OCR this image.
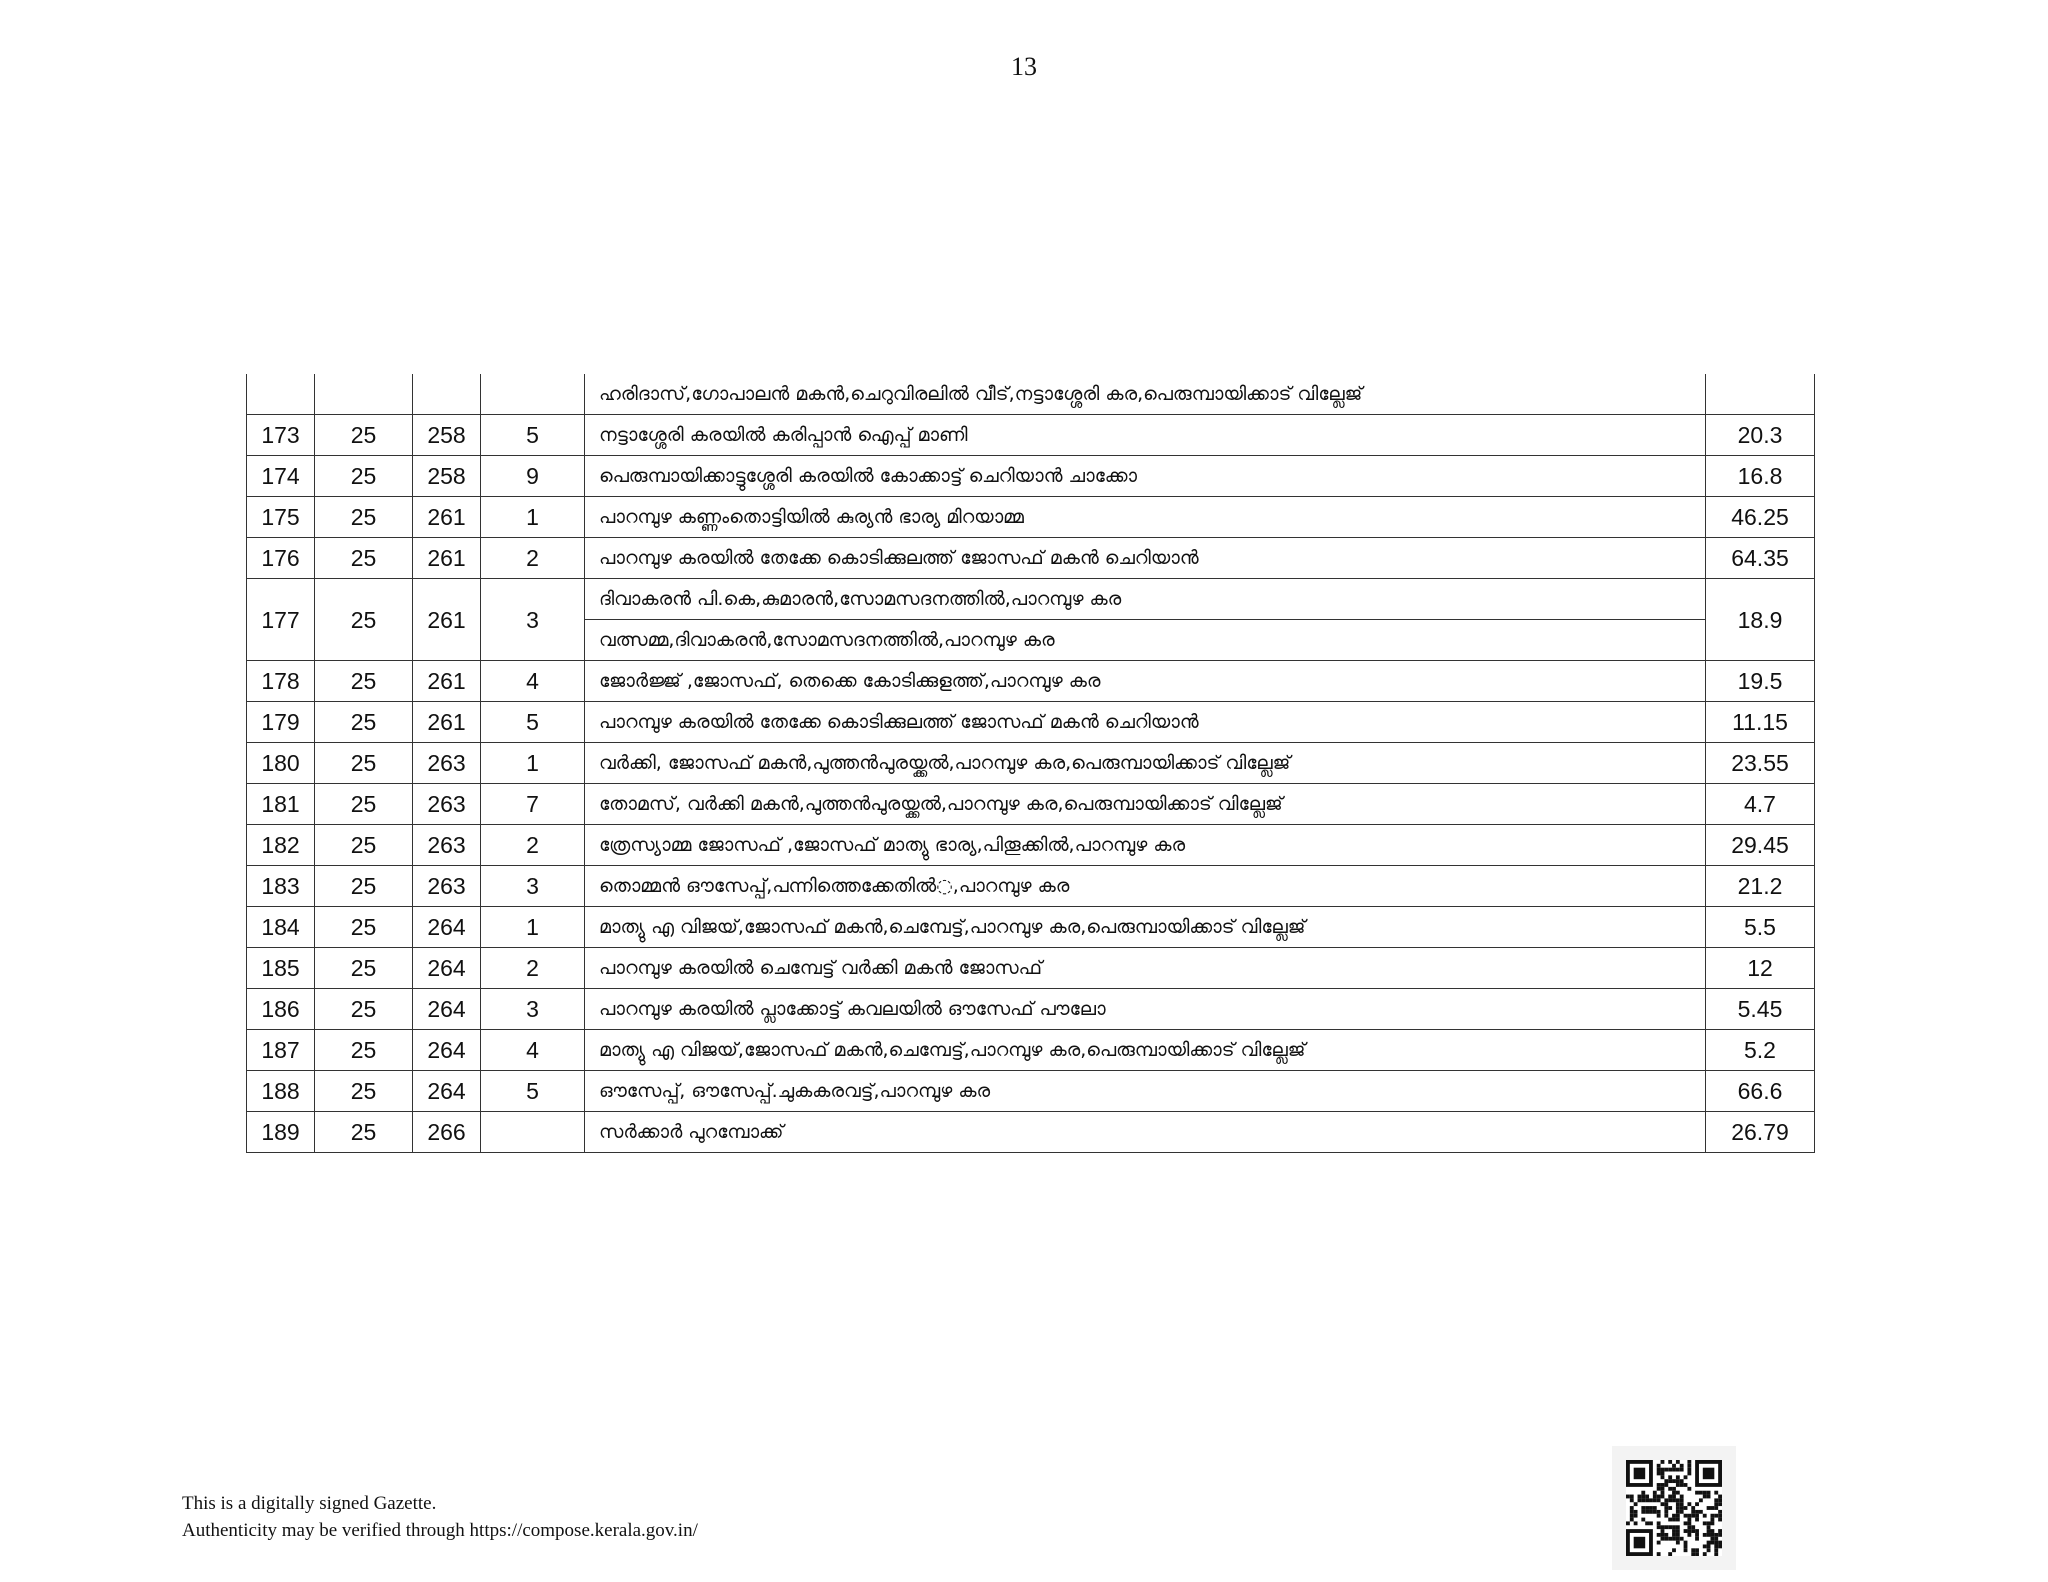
13
				ഹരിദാസ്,ഗോപാലൻ മകൻ,ചെറുവിരലിൽ വീട്,നട്ടാശ്ശേരി കര,പെരുമ്പായിക്കാട് വില്ലേജ്	
173	25	258	5	നട്ടാശ്ശേരി കരയിൽ കരിപ്പാൻ ഐപ്പ് മാണി	20.3
174	25	258	9	പെരുമ്പായിക്കാട്ടുശ്ശേരി കരയിൽ കോക്കാട്ട് ചെറിയാൻ ചാക്കോ	16.8
175	25	261	1	പാറമ്പുഴ കണ്ണംതൊട്ടിയിൽ കുര്യൻ ഭാര്യ മിറയാമ്മ	46.25
176	25	261	2	പാറമ്പുഴ കരയിൽ തേക്കേ കൊടിക്കുലത്ത് ജോസഫ് മകൻ ചെറിയാൻ	64.35
177	25	261	3	ദിവാകരൻ പി.കെ,കുമാരൻ,സോമസദനത്തിൽ,പാറമ്പുഴ കര	18.9
				വത്സമ്മ,ദിവാകരൻ,സോമസദനത്തിൽ,പാറമ്പുഴ കര	
178	25	261	4	ജോർജ്ജ് ,ജോസഫ്, തെക്കെ കോടിക്കുളത്ത്,പാറമ്പുഴ കര	19.5
179	25	261	5	പാറമ്പുഴ കരയിൽ തേക്കേ കൊടിക്കുലത്ത് ജോസഫ് മകൻ ചെറിയാൻ	11.15
180	25	263	1	വർക്കി, ജോസഫ് മകൻ,പുത്തൻപുരയ്ക്കൽ,പാറമ്പുഴ കര,പെരുമ്പായിക്കാട് വില്ലേജ്	23.55
181	25	263	7	തോമസ്, വർക്കി മകൻ,പുത്തൻപുരയ്ക്കൽ,പാറമ്പുഴ കര,പെരുമ്പായിക്കാട് വില്ലേജ്	4.7
182	25	263	2	ത്രേസ്യാമ്മ ജോസഫ് ,ജോസഫ് മാത്യു ഭാര്യ,പിതൂക്കിൽ,പാറമ്പുഴ കര	29.45
183	25	263	3	തൊമ്മൻ ഔസേപ്പ്,പന്നിത്തെക്കേതിൽ◌,പാറമ്പുഴ കര	21.2
184	25	264	1	മാത്യു എ വിജയ്,ജോസഫ് മകൻ,ചെമ്പേട്ട്,പാറമ്പുഴ കര,പെരുമ്പായിക്കാട് വില്ലേജ്	5.5
185	25	264	2	പാറമ്പുഴ കരയിൽ ചെമ്പേട്ട് വർക്കി മകൻ ജോസഫ്	12
186	25	264	3	പാറമ്പുഴ കരയിൽ പ്ലാക്കോട്ട് കവലയിൽ ഔസേഫ് പൗലോ	5.45
187	25	264	4	മാത്യു എ വിജയ്,ജോസഫ് മകൻ,ചെമ്പേട്ട്,പാറമ്പുഴ കര,പെരുമ്പായിക്കാട് വില്ലേജ്	5.2
188	25	264	5	ഔസേപ്പ്, ഔസേപ്പ്.ചുകകരവട്ട്,പാറമ്പുഴ കര	66.6
189	25	266		സർക്കാർ പുറമ്പോക്ക്	26.79
This is a digitally signed Gazette.
Authenticity may be verified through https://compose.kerala.gov.in/
